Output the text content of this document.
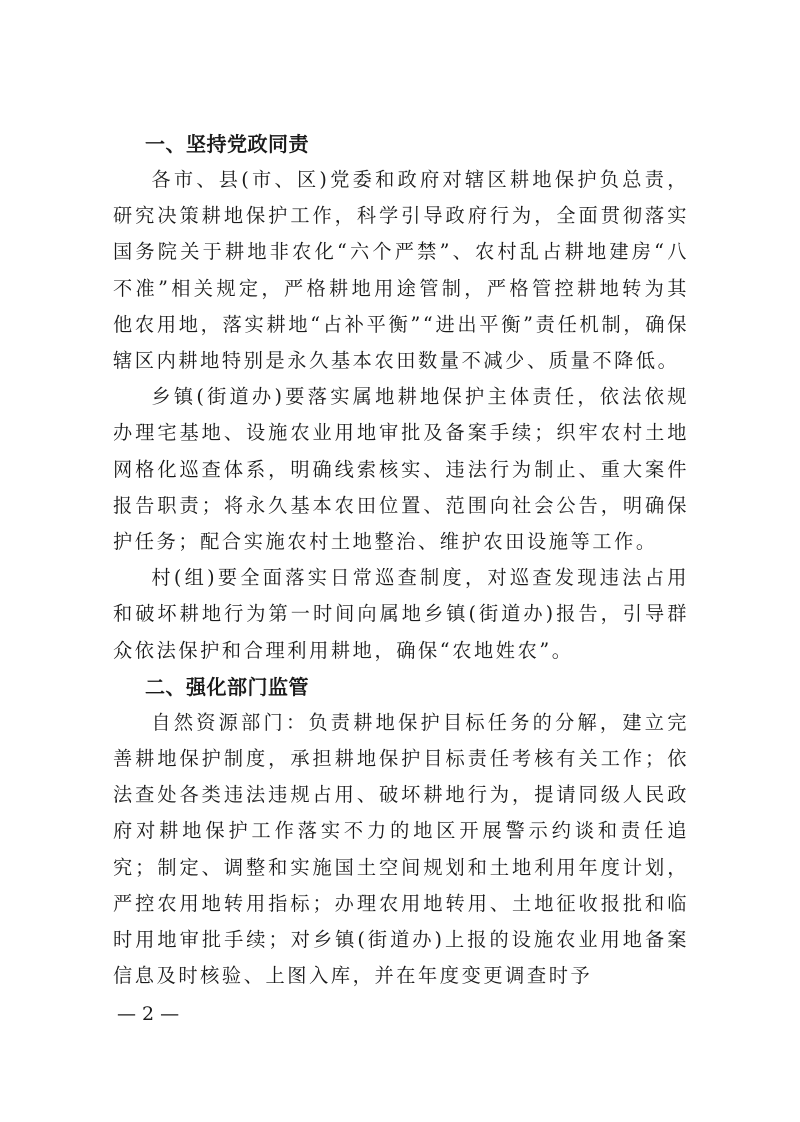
一、坚持党政同责

各市、县(市、区)党委和政府对辖区耕地保护负总责，研究决策耕地保护工作，科学引导政府行为，全面贯彻落实国务院关于耕地非农化“六个严禁”、农村乱占耕地建房“八不准”相关规定，严格耕地用途管制，严格管控耕地转为其他农用地，落实耕地“占补平衡”“进出平衡”责任机制，确保辖区内耕地特别是永久基本农田数量不减少、质量不降低。

乡镇(街道办)要落实属地耕地保护主体责任，依法依规办理宅基地、设施农业用地审批及备案手续；织牢农村土地网格化巡查体系，明确线索核实、违法行为制止、重大案件报告职责；将永久基本农田位置、范围向社会公告，明确保护任务；配合实施农村土地整治、维护农田设施等工作。

村(组)要全面落实日常巡查制度，对巡查发现违法占用和破坏耕地行为第一时间向属地乡镇(街道办)报告，引导群众依法保护和合理利用耕地，确保“农地姓农”。

二、强化部门监管

自然资源部门：负责耕地保护目标任务的分解，建立完善耕地保护制度，承担耕地保护目标责任考核有关工作；依法查处各类违法违规占用、破坏耕地行为，提请同级人民政府对耕地保护工作落实不力的地区开展警示约谈和责任追究；制定、调整和实施国土空间规划和土地利用年度计划，严控农用地转用指标；办理农用地转用、土地征收报批和临时用地审批手续；对乡镇(街道办)上报的设施农业用地备案信息及时核验、上图入库，并在年度变更调查时予

— 2 —
